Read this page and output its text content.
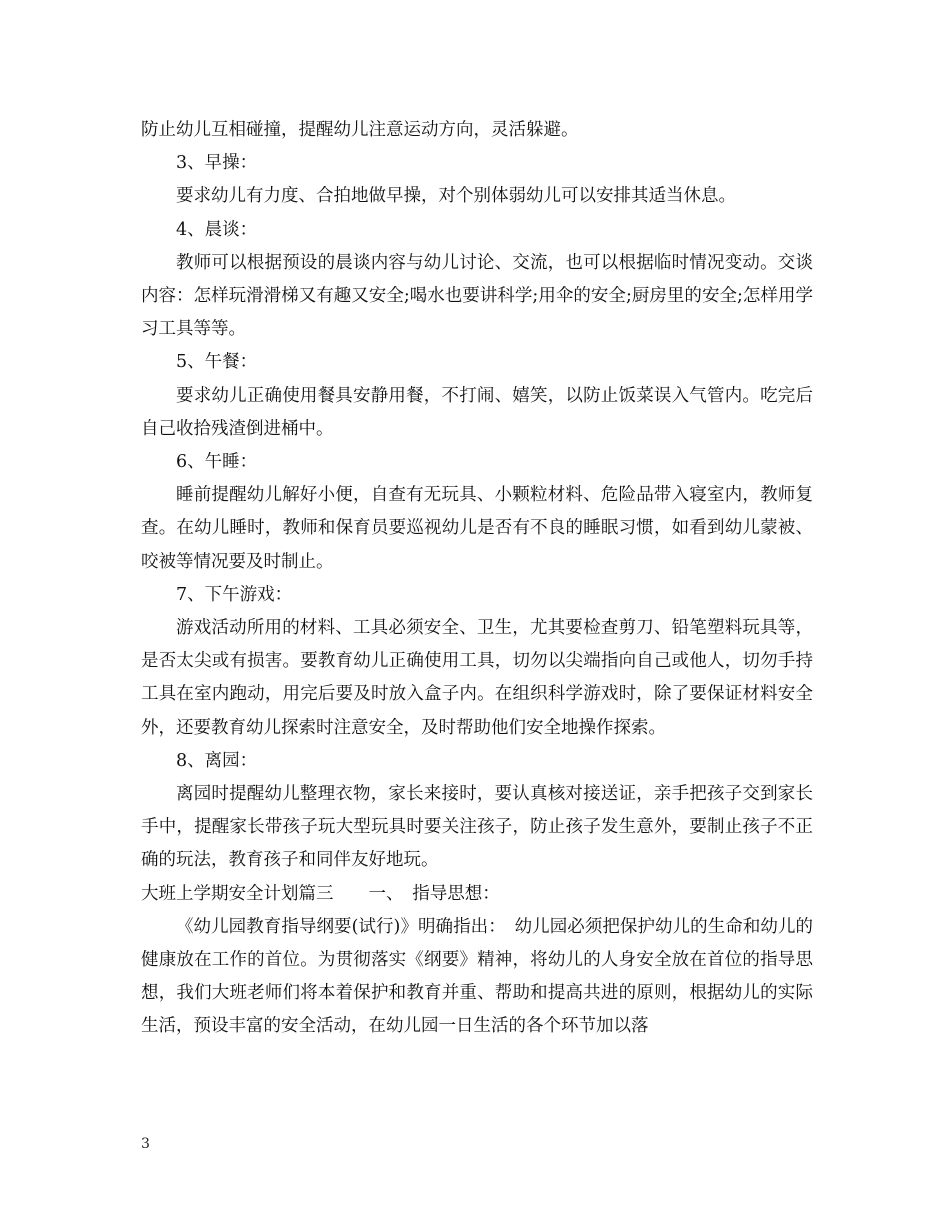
防止幼儿互相碰撞，提醒幼儿注意运动方向，灵活躲避。

3、早操：

要求幼儿有力度、合拍地做早操，对个别体弱幼儿可以安排其适当休息。

4、晨谈：

教师可以根据预设的晨谈内容与幼儿讨论、交流，也可以根据临时情况变动。交谈内容：怎样玩滑滑梯又有趣又安全;喝水也要讲科学;用伞的安全;厨房里的安全;怎样用学习工具等等。

5、午餐：

要求幼儿正确使用餐具安静用餐，不打闹、嬉笑，以防止饭菜误入气管内。吃完后自己收拾残渣倒进桶中。

6、午睡：

睡前提醒幼儿解好小便，自查有无玩具、小颗粒材料、危险品带入寝室内，教师复查。在幼儿睡时，教师和保育员要巡视幼儿是否有不良的睡眠习惯，如看到幼儿蒙被、咬被等情况要及时制止。

7、下午游戏：

游戏活动所用的材料、工具必须安全、卫生，尤其要检查剪刀、铅笔塑料玩具等，是否太尖或有损害。要教育幼儿正确使用工具，切勿以尖端指向自己或他人，切勿手持工具在室内跑动，用完后要及时放入盒子内。在组织科学游戏时，除了要保证材料安全外，还要教育幼儿探索时注意安全，及时帮助他们安全地操作探索。

8、离园：

离园时提醒幼儿整理衣物，家长来接时，要认真核对接送证，亲手把孩子交到家长手中，提醒家长带孩子玩大型玩具时要关注孩子，防止孩子发生意外，要制止孩子不正确的玩法，教育孩子和同伴友好地玩。

大班上学期安全计划篇三　　一、　指导思想：

《幼儿园教育指导纲要(试行)》明确指出：　幼儿园必须把保护幼儿的生命和幼儿的健康放在工作的首位。为贯彻落实《纲要》精神，将幼儿的人身安全放在首位的指导思想，我们大班老师们将本着保护和教育并重、帮助和提高共进的原则，根据幼儿的实际生活，预设丰富的安全活动，在幼儿园一日生活的各个环节加以落

3
